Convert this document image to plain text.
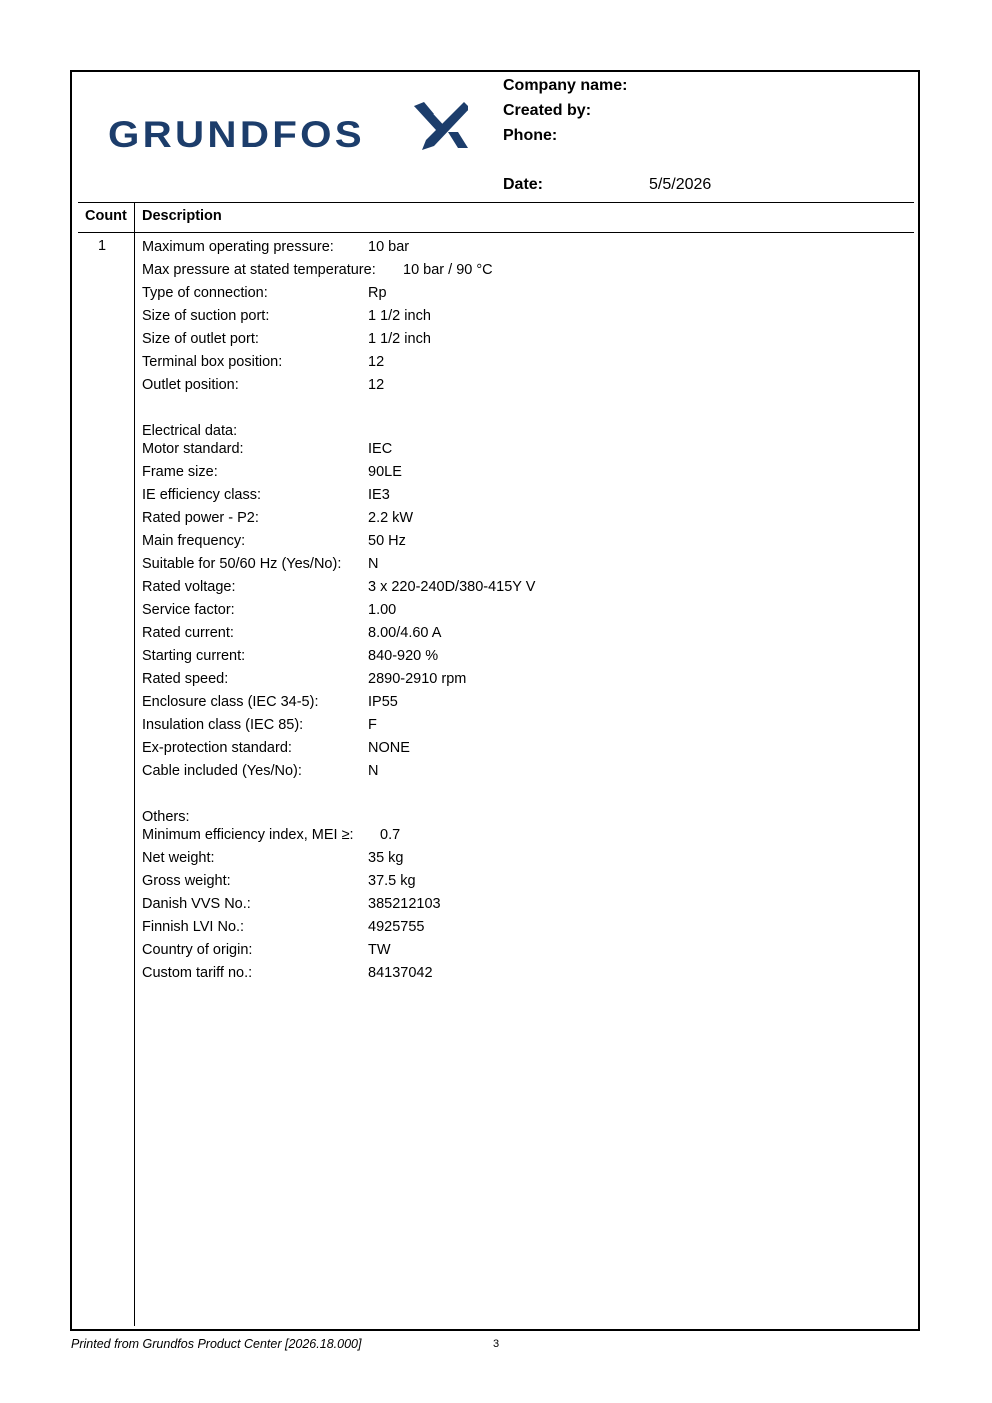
GRUNDFOS
Company name:
Created by:
Phone:
Date:	5/5/2026
Count Description
1 Maximum operating pressure: 10 bar
Max pressure at stated temperature: 10 bar / 90 °C
Type of connection:	Rp
Size of suction port:	1 1/2 inch
Size of outlet port:	1 1/2 inch
Terminal box position:	12
Outlet position:	12
Electrical data:
Motor standard:	IEC
Frame size:	90LE
IE efficiency class:	IE3
Rated power - P2:	2.2 kW
Main frequency:	50 Hz
Suitable for 50/60 Hz (Yes/No): N
Rated voltage:	3 x 220-240D/380-415Y V
Service factor:	1.00
Rated current:	8.00/4.60 A
Starting current:	840-920 %
Rated speed:	2890-2910 rpm
Enclosure class (IEC 34-5):	IP55
Insulation class (IEC 85):	F
Ex-protection standard:	NONE
Cable included (Yes/No):	N
Others:
Minimum efficiency index, MEI ≥: 0.7
Net weight:	35 kg
Gross weight:	37.5 kg
Danish VVS No.:	385212103
Finnish LVI No.:	4925755
Country of origin:	TW
Custom tariff no.:	84137042
Printed from Grundfos Product Center [2026.18.000]	3
